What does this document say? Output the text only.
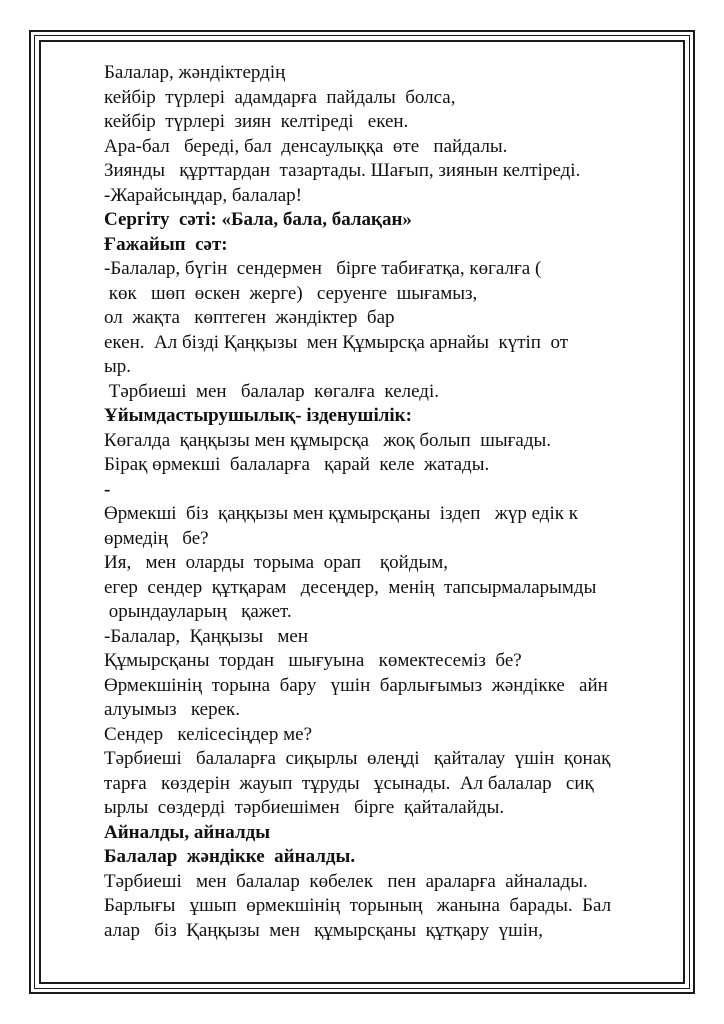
Балалар, жәндіктердің
кейбір  түрлері  адамдарға  пайдалы  болса,
кейбір  түрлері  зиян  келтіреді   екен.
Ара-бал   береді, бал  денсаулыққа  өте   пайдалы.
Зиянды   құрттардан  тазартады. Шағып, зиянын келтіреді.
-Жарайсыңдар, балалар!
Сергіту  сәті: «Бала, бала, балақан»
Ғажайып  сәт:
-Балалар, бүгін  сендермен   бірге табиғатқа, көгалға (
көк   шөп  өскен  жерге)   серуенге  шығамыз,
ол  жақта   көптеген  жәндіктер  бар
екен.  Ал бізді Қаңқызы  мен Құмырсқа арнайы  күтіп  от
ыр.
Тәрбиеші  мен   балалар  көгалға  келеді.
Ұйымдастырушылық- ізденушілік:
Көгалда  қаңқызы мен құмырсқа   жоқ болып  шығады.
Бірақ өрмекші  балаларға   қарай  келе  жатады.
-
Өрмекші  біз  қаңқызы мен құмырсқаны  іздеп   жүр едік к
өрмедің   бе?
Ия,   мен  оларды  торыма  орап    қойдым,
егер  сендер  құтқарам   десеңдер,  менің  тапсырмаларымды
орындауларың   қажет.
-Балалар,  Қаңқызы   мен
Құмырсқаны  тордан   шығуына   көмектесеміз  бе?
Өрмекшінің  торына  бару   үшін  барлығымыз  жәндікке   айн
алуымыз   керек.
Сендер   келісесіңдер ме?
Тәрбиеші   балаларға  сиқырлы  өлеңді   қайталау  үшін  қонақ
тарға   көздерін  жауып  тұруды   ұсынады.  Ал балалар   сиқ
ырлы  сөздерді  тәрбиешімен   бірге  қайталайды.
Айналды, айналды
Балалар  жәндікке  айналды.
Тәрбиеші   мен  балалар  көбелек   пен  араларға  айналады.
Барлығы   ұшып  өрмекшінің  торының   жанына  барады.  Бал
алар   біз  Қаңқызы  мен   құмырсқаны  құтқару  үшін,
